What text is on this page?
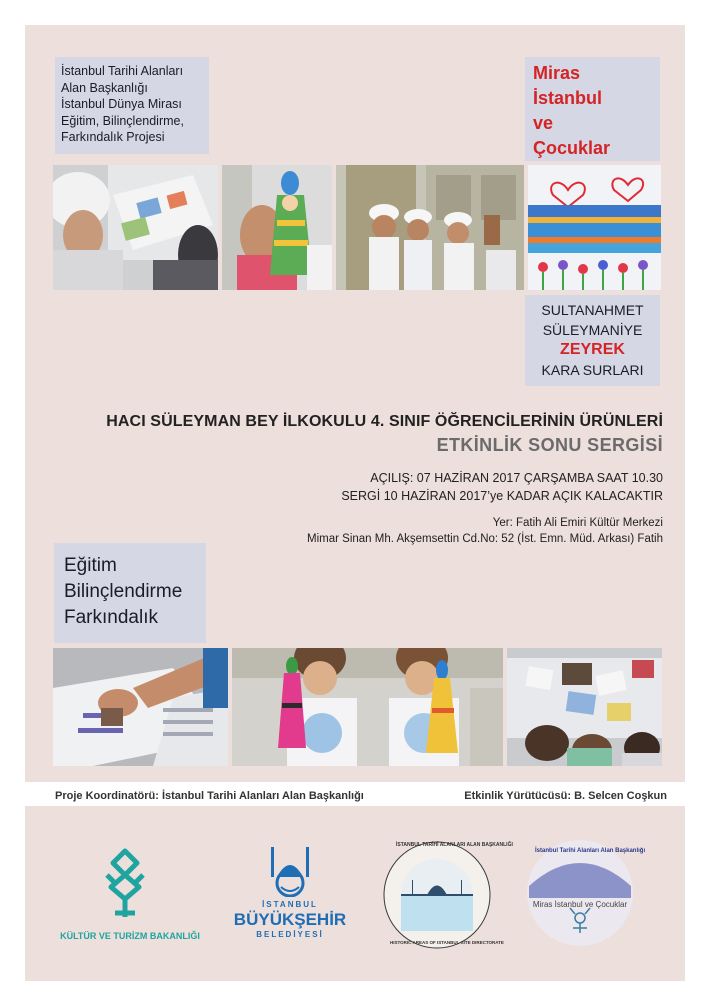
İstanbul Tarihi Alanları
Alan Başkanlığı
İstanbul Dünya Mirası
Eğitim, Bilinçlendirme,
Farkındalık Projesi
Miras
İstanbul
ve
Çocuklar
SULTANAHMET
SÜLEYMANİYE
ZEYREK
KARA SURLARI
HACI SÜLEYMAN BEY İLKOKULU 4. SINIF ÖĞRENCİLERİNİN ÜRÜNLERİ
ETKİNLİK SONU SERGİSİ
AÇILIŞ: 07 HAZİRAN 2017 ÇARŞAMBA SAAT 10.30
SERGİ 10 HAZİRAN 2017’ye KADAR AÇIK KALACAKTIR
Yer: Fatih Ali Emiri Kültür Merkezi
Mimar Sinan Mh. Akşemsettin Cd.No: 52 (İst. Emn. Müd. Arkası) Fatih
Eğitim
Bilinçlendirme
Farkındalık
Proje Koordinatörü: İstanbul Tarihi Alanları Alan Başkanlığı	Etkinlik Yürütücüsü: B. Selcen Coşkun
KÜLTÜR VE TURİZM BAKANLIĞI
İSTANBUL
BÜYÜKŞEHİR
BELEDİYESİ
İSTANBUL TARİHİ ALANLARI ALAN BAŞKANLIĞI
HISTORIC AREAS OF ISTANBUL SITE DIRECTORATE
İstanbul Tarihi Alanları Alan Başkanlığı
Miras İstanbul ve Çocuklar
